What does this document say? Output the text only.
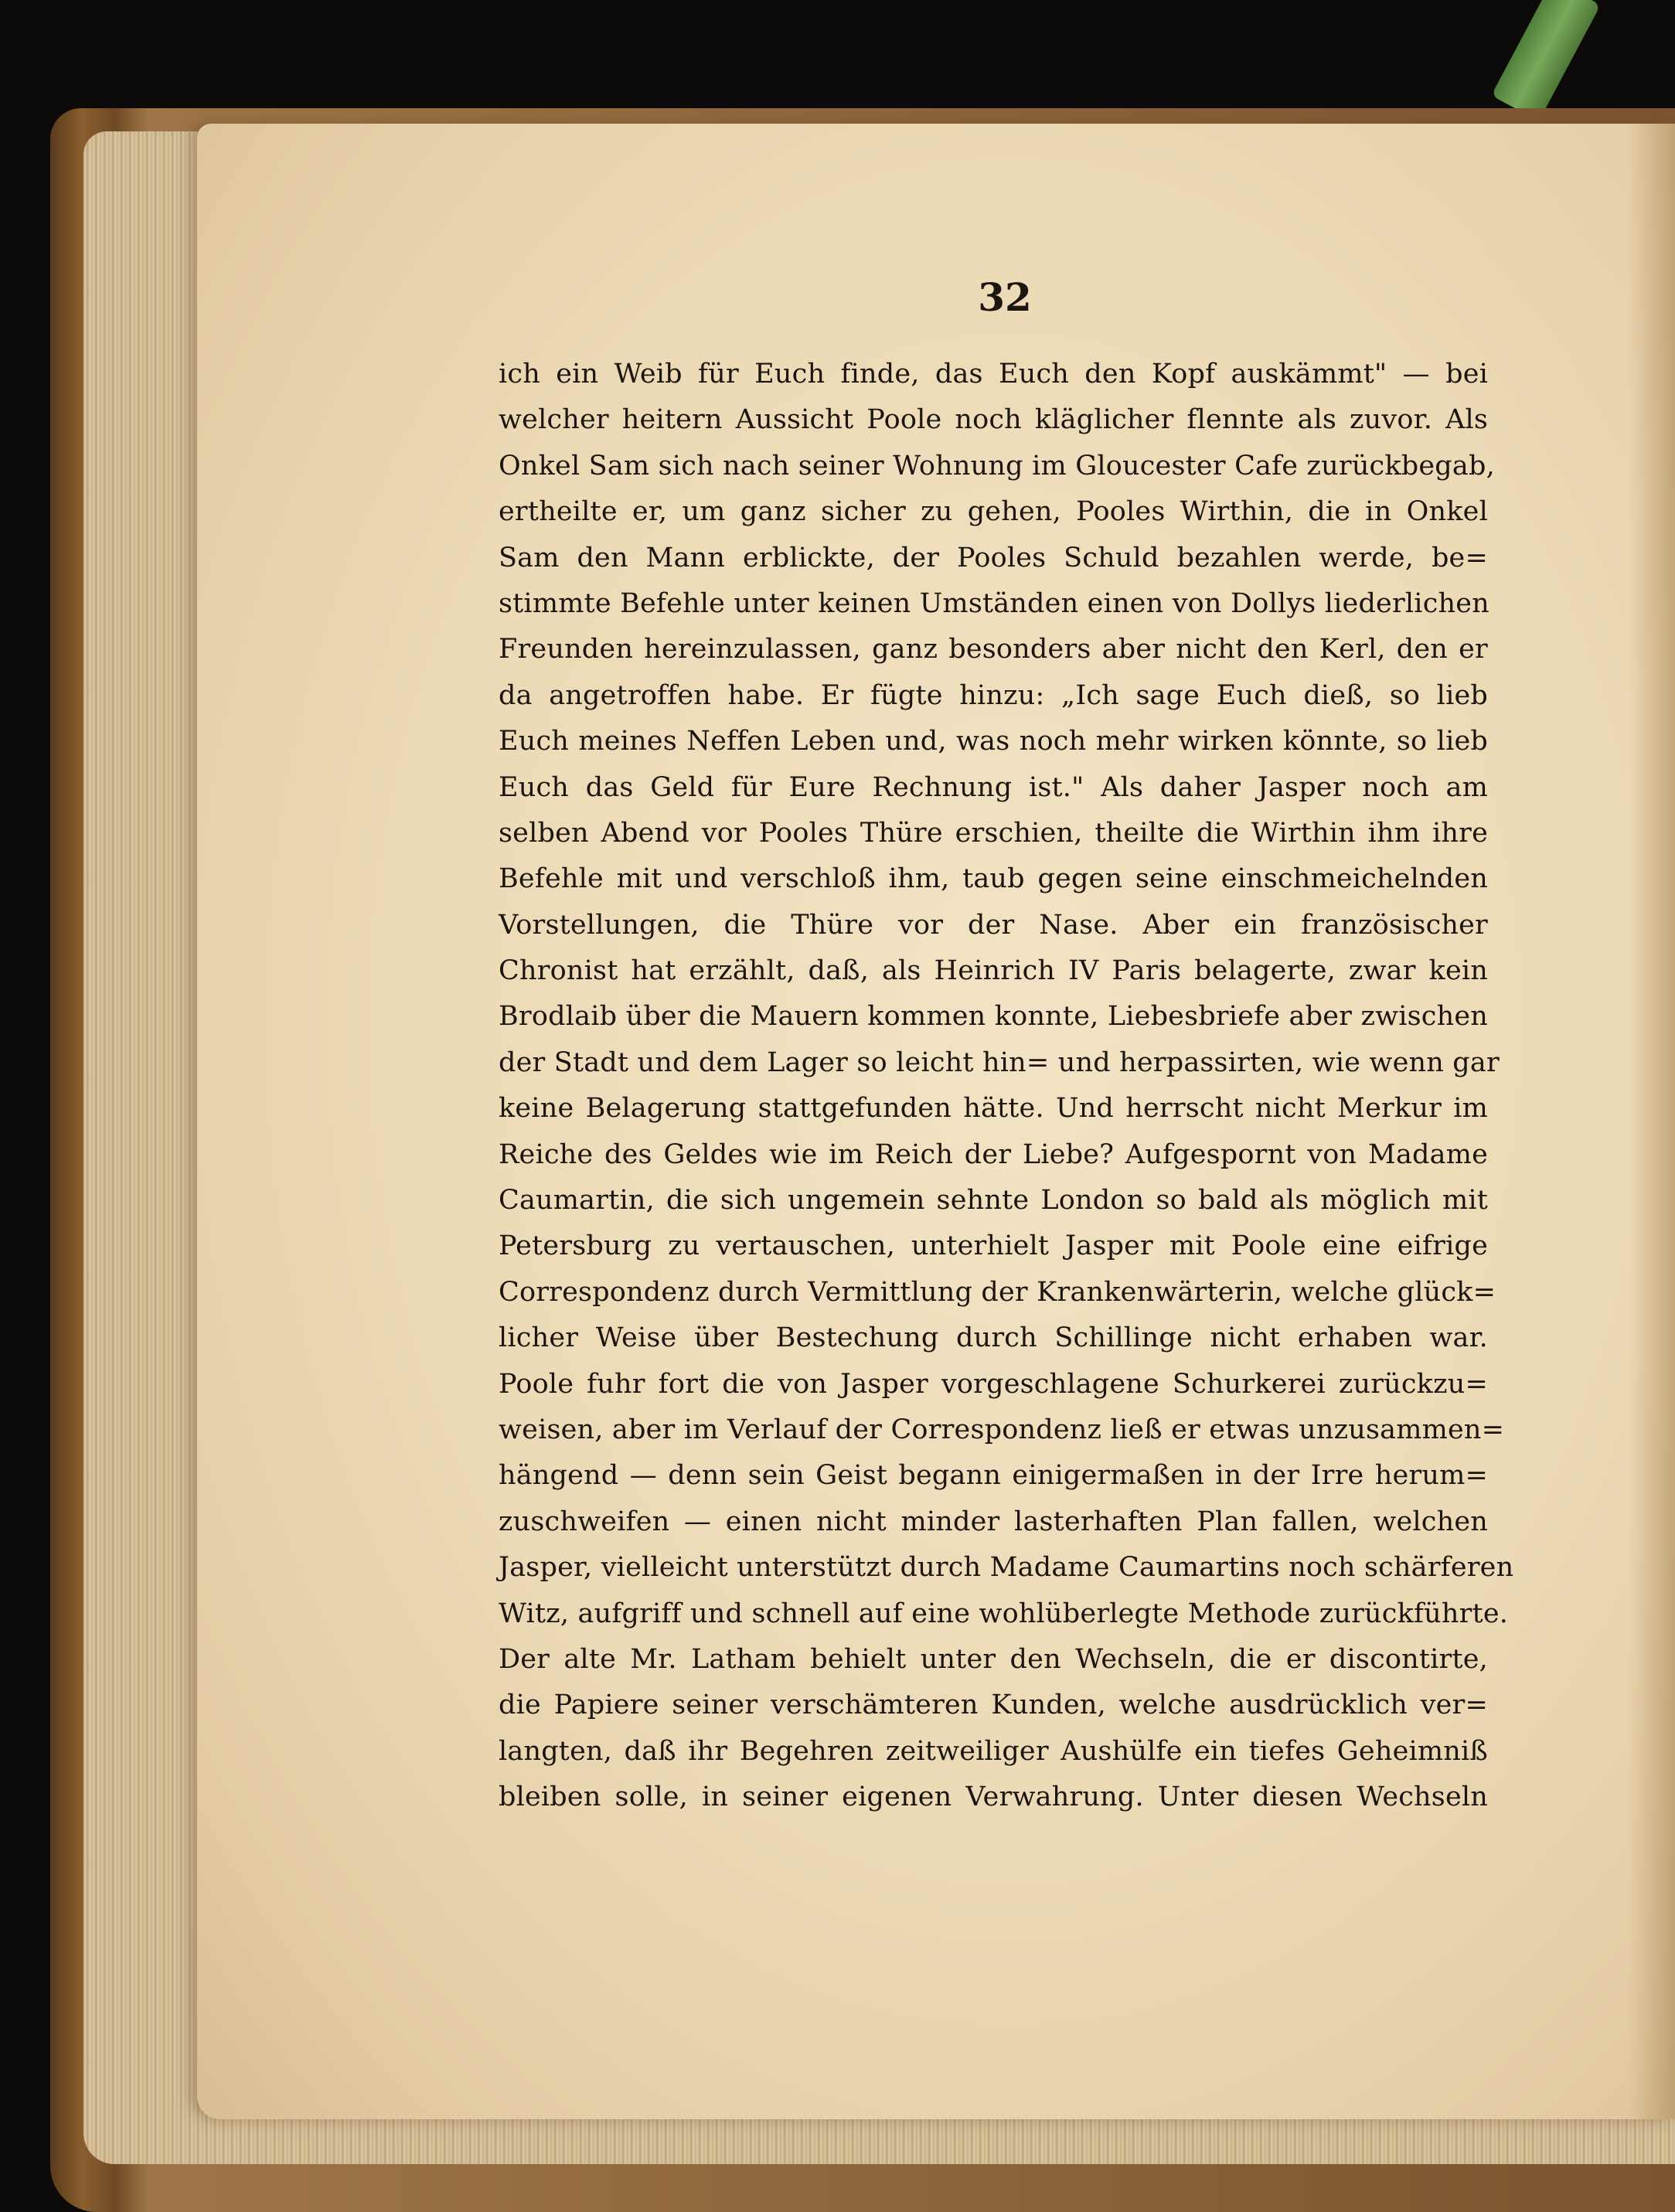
32
ich ein Weib für Euch finde, das Euch den Kopf auskämmt" — bei
welcher heitern Aussicht Poole noch kläglicher flennte als zuvor. Als
Onkel Sam sich nach seiner Wohnung im Gloucester Cafe zurückbegab,
ertheilte er, um ganz sicher zu gehen, Pooles Wirthin, die in Onkel
Sam den Mann erblickte, der Pooles Schuld bezahlen werde, be=
stimmte Befehle unter keinen Umständen einen von Dollys liederlichen
Freunden hereinzulassen, ganz besonders aber nicht den Kerl, den er
da angetroffen habe. Er fügte hinzu: „Ich sage Euch dieß, so lieb
Euch meines Neffen Leben und, was noch mehr wirken könnte, so lieb
Euch das Geld für Eure Rechnung ist." Als daher Jasper noch am
selben Abend vor Pooles Thüre erschien, theilte die Wirthin ihm ihre
Befehle mit und verschloß ihm, taub gegen seine einschmeichelnden
Vorstellungen, die Thüre vor der Nase. Aber ein französischer
Chronist hat erzählt, daß, als Heinrich IV Paris belagerte, zwar kein
Brodlaib über die Mauern kommen konnte, Liebesbriefe aber zwischen
der Stadt und dem Lager so leicht hin= und herpassirten, wie wenn gar
keine Belagerung stattgefunden hätte. Und herrscht nicht Merkur im
Reiche des Geldes wie im Reich der Liebe? Aufgespornt von Madame
Caumartin, die sich ungemein sehnte London so bald als möglich mit
Petersburg zu vertauschen, unterhielt Jasper mit Poole eine eifrige
Correspondenz durch Vermittlung der Krankenwärterin, welche glück=
licher Weise über Bestechung durch Schillinge nicht erhaben war.
Poole fuhr fort die von Jasper vorgeschlagene Schurkerei zurückzu=
weisen, aber im Verlauf der Correspondenz ließ er etwas unzusammen=
hängend — denn sein Geist begann einigermaßen in der Irre herum=
zuschweifen — einen nicht minder lasterhaften Plan fallen, welchen
Jasper, vielleicht unterstützt durch Madame Caumartins noch schärferen
Witz, aufgriff und schnell auf eine wohlüberlegte Methode zurückführte.
Der alte Mr. Latham behielt unter den Wechseln, die er discontirte,
die Papiere seiner verschämteren Kunden, welche ausdrücklich ver=
langten, daß ihr Begehren zeitweiliger Aushülfe ein tiefes Geheimniß
bleiben solle, in seiner eigenen Verwahrung. Unter diesen Wechseln
